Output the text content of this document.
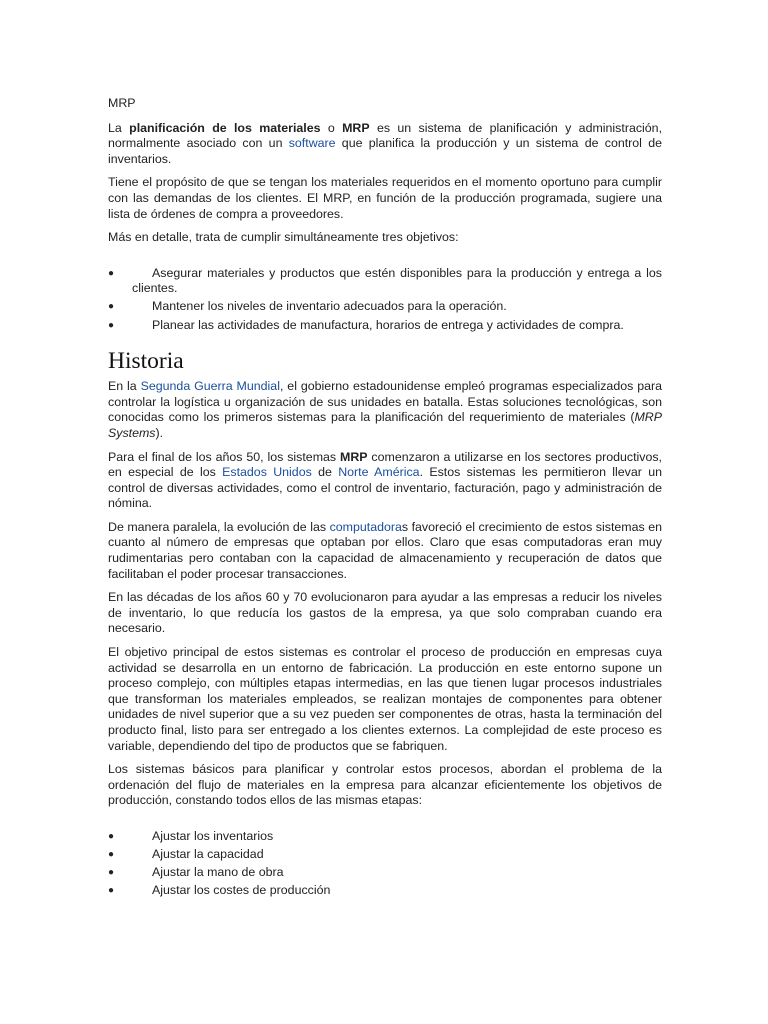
MRP

La planificación de los materiales o MRP es un sistema de planificación y administración, normalmente asociado con un software que planifica la producción y un sistema de control de inventarios.

Tiene el propósito de que se tengan los materiales requeridos en el momento oportuno para cumplir con las demandas de los clientes. El MRP, en función de la producción programada, sugiere una lista de órdenes de compra a proveedores.

Más en detalle, trata de cumplir simultáneamente tres objetivos:

●	Asegurar materiales y productos que estén disponibles para la producción y entrega a los clientes.
●	Mantener los niveles de inventario adecuados para la operación.
●	Planear las actividades de manufactura, horarios de entrega y actividades de compra.
Historia

En la Segunda Guerra Mundial, el gobierno estadounidense empleó programas especializados para controlar la logística u organización de sus unidades en batalla. Estas soluciones tecnológicas, son conocidas como los primeros sistemas para la planificación del requerimiento de materiales (MRP Systems).

Para el final de los años 50, los sistemas MRP comenzaron a utilizarse en los sectores productivos, en especial de los Estados Unidos de Norte América. Estos sistemas les permitieron llevar un control de diversas actividades, como el control de inventario, facturación, pago y administración de nómina.

De manera paralela, la evolución de las computadoras favoreció el crecimiento de estos sistemas en cuanto al número de empresas que optaban por ellos. Claro que esas computadoras eran muy rudimentarias pero contaban con la capacidad de almacenamiento y recuperación de datos que facilitaban el poder procesar transacciones.

En las décadas de los años 60 y 70 evolucionaron para ayudar a las empresas a reducir los niveles de inventario, lo que reducía los gastos de la empresa, ya que solo compraban cuando era necesario.

El objetivo principal de estos sistemas es controlar el proceso de producción en empresas cuya actividad se desarrolla en un entorno de fabricación. La producción en este entorno supone un proceso complejo, con múltiples etapas intermedias, en las que tienen lugar procesos industriales que transforman los materiales empleados, se realizan montajes de componentes para obtener unidades de nivel superior que a su vez pueden ser componentes de otras, hasta la terminación del producto final, listo para ser entregado a los clientes externos. La complejidad de este proceso es variable, dependiendo del tipo de productos que se fabriquen.

Los sistemas básicos para planificar y controlar estos procesos, abordan el problema de la ordenación del flujo de materiales en la empresa para alcanzar eficientemente los objetivos de producción, constando todos ellos de las mismas etapas:

●	Ajustar los inventarios
●	Ajustar la capacidad
●	Ajustar la mano de obra
●	Ajustar los costes de producción
